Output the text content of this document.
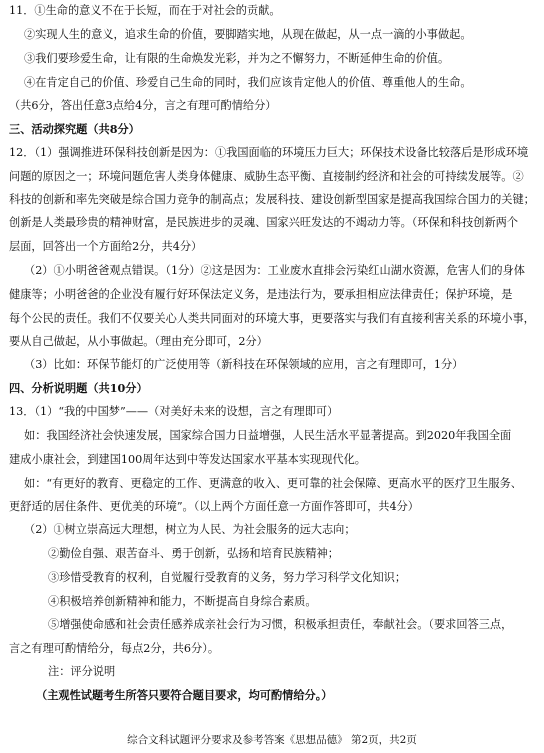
11．①生命的意义不在于长短，而在于对社会的贡献。
②实现人生的意义，追求生命的价值，要脚踏实地，从现在做起，从一点一滴的小事做起。
③我们要珍爱生命，让有限的生命焕发光彩，并为之不懈努力，不断延伸生命的价值。
④在肯定自己的价值、珍爱自己生命的同时，我们应该肯定他人的价值、尊重他人的生命。
（共6分，答出任意3点给4分，言之有理可酌情给分）
三、活动探究题（共8分）
12．（1）强调推进环保科技创新是因为：①我国面临的环境压力巨大；环保技术设备比较落后是形成环境
问题的原因之一；环境问题危害人类身体健康、威胁生态平衡、直接制约经济和社会的可持续发展等。②
科技的创新和率先突破是综合国力竞争的制高点；发展科技、建设创新型国家是提高我国综合国力的关键；
创新是人类最珍贵的精神财富，是民族进步的灵魂、国家兴旺发达的不竭动力等。（环保和科技创新两个
层面，回答出一个方面给2分，共4分）
（2）①小明爸爸观点错误。（1分）②这是因为：工业废水直排会污染红山湖水资源，危害人们的身体
健康等；小明爸爸的企业没有履行好环保法定义务，是违法行为，要承担相应法律责任；保护环境，是
每个公民的责任。我们不仅要关心人类共同面对的环境大事，更要落实与我们有直接利害关系的环境小事，
要从自己做起，从小事做起。（理由充分即可，2分）
（3）比如：环保节能灯的广泛使用等（新科技在环保领域的应用，言之有理即可，1分）
四、分析说明题（共10分）
13．（1）“我的中国梦”——（对美好未来的设想，言之有理即可）
如：我国经济社会快速发展，国家综合国力日益增强，人民生活水平显著提高。到2020年我国全面
建成小康社会，到建国100周年达到中等发达国家水平基本实现现代化。
如：“有更好的教育、更稳定的工作、更满意的收入、更可靠的社会保障、更高水平的医疗卫生服务、
更舒适的居住条件、更优美的环境”。（以上两个方面任意一方面作答即可，共4分）
（2）①树立崇高远大理想，树立为人民、为社会服务的远大志向；
②勤俭自强、艰苦奋斗、勇于创新，弘扬和培育民族精神；
③珍惜受教育的权利，自觉履行受教育的义务，努力学习科学文化知识；
④积极培养创新精神和能力，不断提高自身综合素质。
⑤增强使命感和社会责任感养成亲社会行为习惯，积极承担责任，奉献社会。（要求回答三点，
言之有理可酌情给分，每点2分，共6分）。
注：评分说明
（主观性试题考生所答只要符合题目要求，均可酌情给分。）
综合文科试题评分要求及参考答案《思想品德》 第2页，共2页
